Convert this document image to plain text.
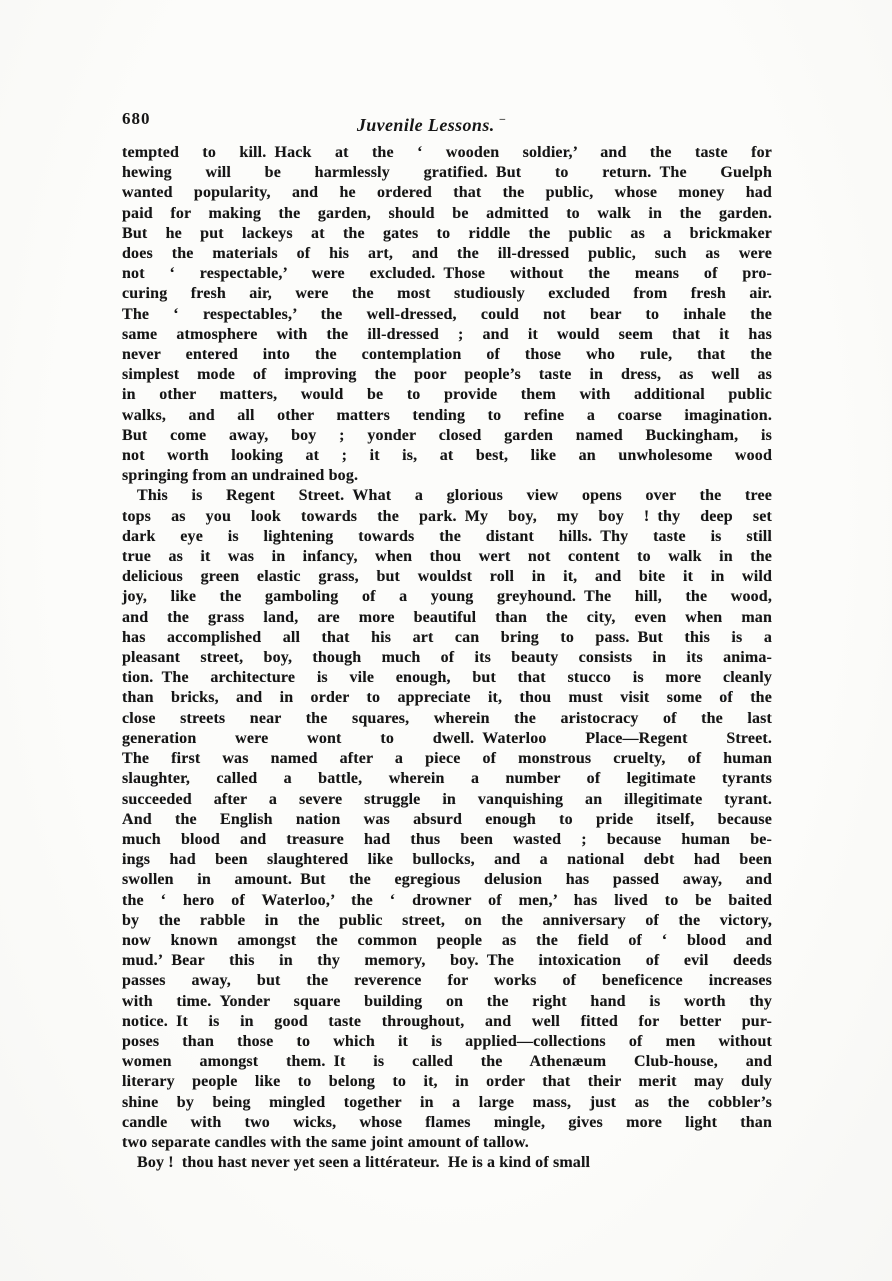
680	Juvenile Lessons. –
tempted to kill. Hack at the ‘ wooden soldier,’ and the taste for
hewing will be harmlessly gratified. But to return. The Guelph
wanted popularity, and he ordered that the public, whose money had
paid for making the garden, should be admitted to walk in the garden.
But he put lackeys at the gates to riddle the public as a brickmaker
does the materials of his art, and the ill-dressed public, such as were
not ‘ respectable,’ were excluded. Those without the means of pro-
curing fresh air, were the most studiously excluded from fresh air.
The ‘ respectables,’ the well-dressed, could not bear to inhale the
same atmosphere with the ill-dressed ; and it would seem that it has
never entered into the contemplation of those who rule, that the
simplest mode of improving the poor people’s taste in dress, as well as
in other matters, would be to provide them with additional public
walks, and all other matters tending to refine a coarse imagination.
But come away, boy ; yonder closed garden named Buckingham, is
not worth looking at ; it is, at best, like an unwholesome wood
springing from an undrained bog.
This is Regent Street. What a glorious view opens over the tree
tops as you look towards the park. My boy, my boy ! thy deep set
dark eye is lightening towards the distant hills. Thy taste is still
true as it was in infancy, when thou wert not content to walk in the
delicious green elastic grass, but wouldst roll in it, and bite it in wild
joy, like the gamboling of a young greyhound. The hill, the wood,
and the grass land, are more beautiful than the city, even when man
has accomplished all that his art can bring to pass. But this is a
pleasant street, boy, though much of its beauty consists in its anima-
tion. The architecture is vile enough, but that stucco is more cleanly
than bricks, and in order to appreciate it, thou must visit some of the
close streets near the squares, wherein the aristocracy of the last
generation were wont to dwell. Waterloo Place—Regent Street.
The first was named after a piece of monstrous cruelty, of human
slaughter, called a battle, wherein a number of legitimate tyrants
succeeded after a severe struggle in vanquishing an illegitimate tyrant.
And the English nation was absurd enough to pride itself, because
much blood and treasure had thus been wasted ; because human be-
ings had been slaughtered like bullocks, and a national debt had been
swollen in amount. But the egregious delusion has passed away, and
the ‘ hero of Waterloo,’ the ‘ drowner of men,’ has lived to be baited
by the rabble in the public street, on the anniversary of the victory,
now known amongst the common people as the field of ‘ blood and
mud.’ Bear this in thy memory, boy. The intoxication of evil deeds
passes away, but the reverence for works of beneficence increases
with time. Yonder square building on the right hand is worth thy
notice. It is in good taste throughout, and well fitted for better pur-
poses than those to which it is applied—collections of men without
women amongst them. It is called the Athenæum Club-house, and
literary people like to belong to it, in order that their merit may duly
shine by being mingled together in a large mass, just as the cobbler’s
candle with two wicks, whose flames mingle, gives more light than
two separate candles with the same joint amount of tallow.
Boy ! thou hast never yet seen a littérateur. He is a kind of small
